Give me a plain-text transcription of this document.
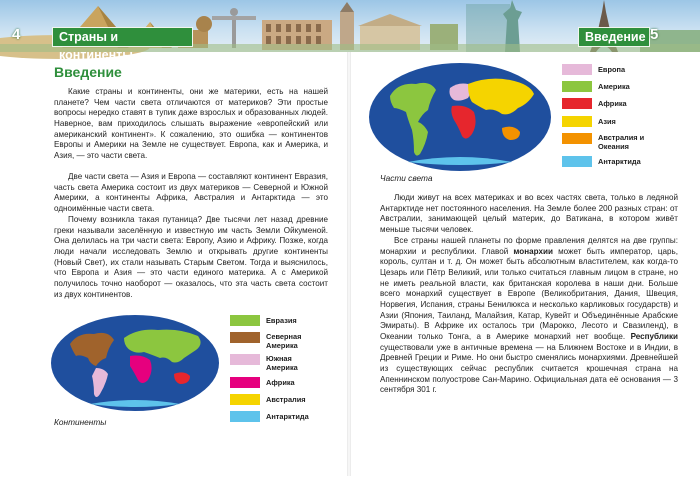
4	Страны и континенты
Введение 5
Введение

Какие страны и континенты, они же материки, есть на нашей планете? Чем части света отличаются от материков? Эти простые вопросы нередко ставят в тупик даже взрослых и образованных людей. Наверное, вам приходилось слышать выражение «европейский или американский континент». К сожалению, это ошибка — континентов Европы и Америки на Земле не существует. Европа, как и Америка, и Азия, — это части света.

Две части света — Азия и Европа — составляют континент Евразия, часть света Америка состоит из двух материков — Северной и Южной Америки, а континенты Африка, Австралия и Антарктида — это одноимённые части света.

Почему возникла такая путаница? Две тысячи лет назад древние греки называли заселённую и известную им часть Земли Ойкуменой. Она делилась на три части света: Европу, Азию и Африку. Позже, когда люди начали исследовать Землю и открывать другие континенты (Новый Свет), их стали называть Старым Светом. Тогда и выяснилось, что Европа и Азия — это части единого материка. А с Америкой получилось точно наоборот — оказалось, что эта часть света состоит из двух континентов.

Континенты
Евразия
Северная Америка
Южная Америка
Африка
Австралия
Антарктида
Европа
Америка
Африка
Азия
Австралия и Океания
Антарктида
Части света

Люди живут на всех материках и во всех частях света, только в ледяной Антарктиде нет постоянного населения. На Земле более 200 разных стран: от Австралии, занимающей целый материк, до Ватикана, в котором живёт меньше тысячи человек.

Все страны нашей планеты по форме правления делятся на две группы: монархии и республики. Главой монархии может быть император, царь, король, султан и т. д. Он может быть абсолютным властителем, как когда-то Цезарь или Пётр Великий, или только считаться главным лицом в стране, но не иметь реальной власти, как британская королева в наши дни. Больше всего монархий существует в Европе (Великобритания, Дания, Швеция, Норвегия, Испания, страны Бенилюкса и несколько карликовых государств) и Азии (Япония, Таиланд, Малайзия, Катар, Кувейт и Объединённые Арабские Эмираты). В Африке их осталось три (Марокко, Лесото и Свазиленд), в Океании только Тонга, а в Америке монархий нет вообще. Республики существовали уже в античные времена — на Ближнем Востоке и в Индии, в Древней Греции и Риме. Но они быстро сменялись монархиями. Древнейшей из существующих сейчас республик считается крошечная страна на Апеннинском полуострове Сан-Марино. Официальная дата её основания — 3 сентября 301 г.
